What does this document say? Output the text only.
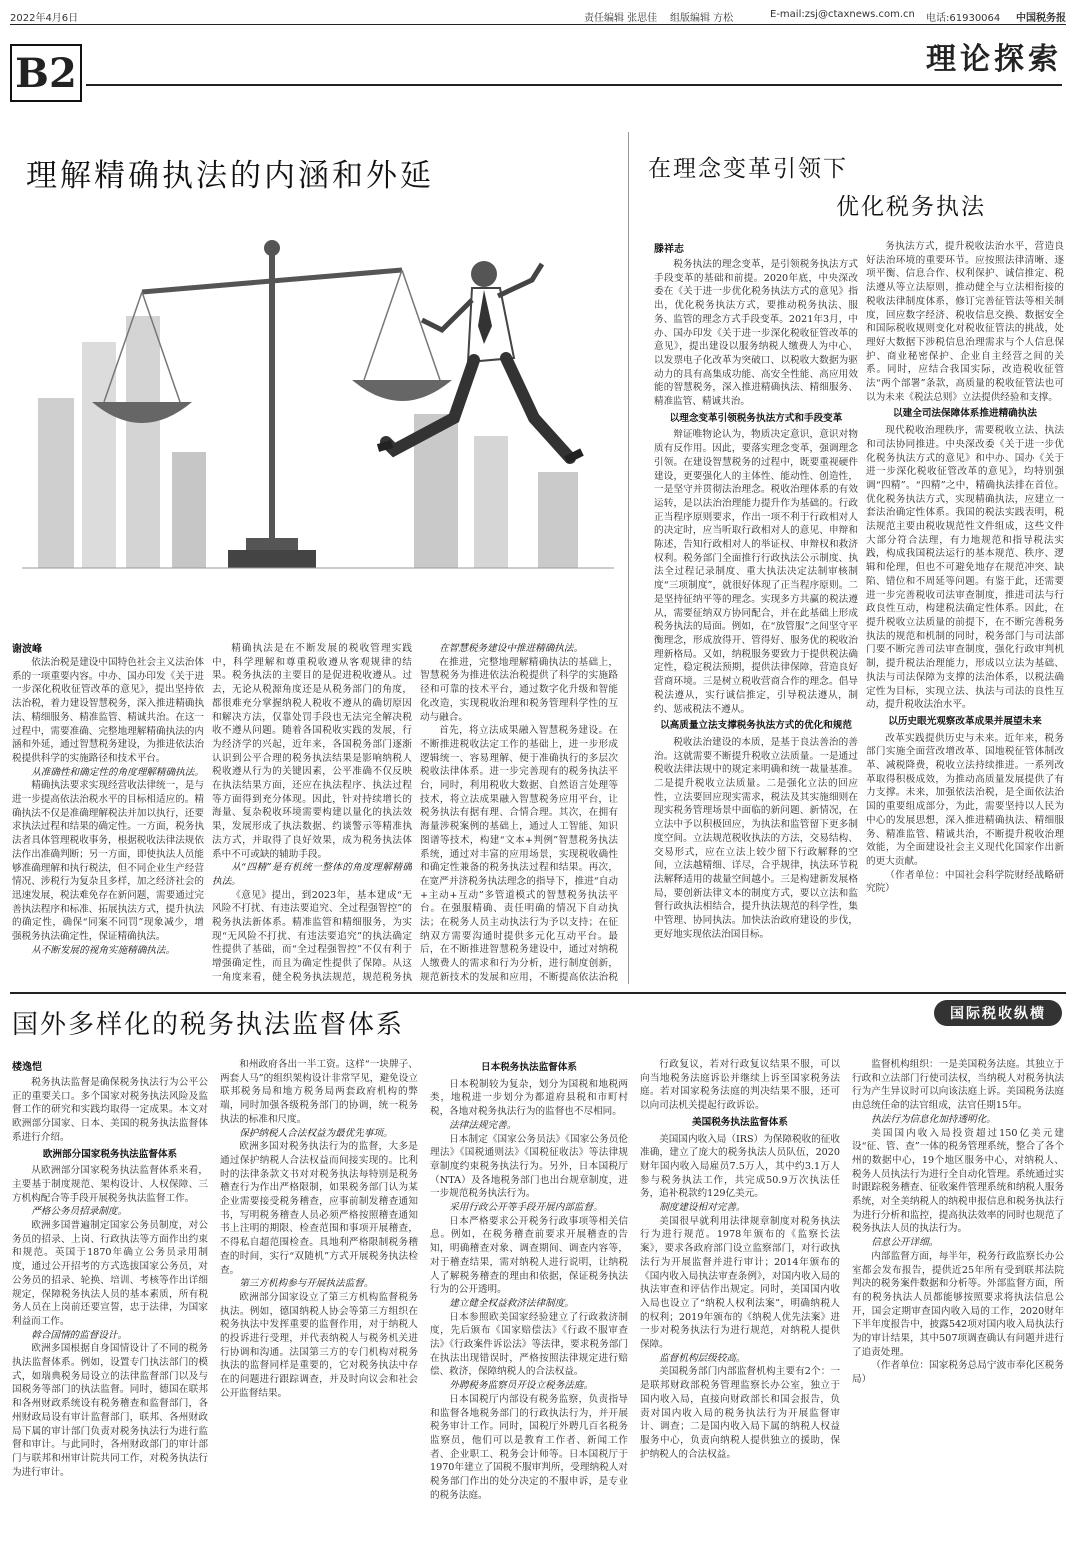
2022年4月6日	责任编辑 张思佳 组版编辑 方松	E-mail:zsj@ctaxnews.com.cn 电话:61930064 中国税务报
B2	理论探索
理解精确执法的内涵和外延
谢波峰

依法治税是建设中国特色社会主义法治体系的一项重要内容。中办、国办印发《关于进一步深化税收征管改革的意见》，提出坚持依法治税，着力建设智慧税务，深入推进精确执法、精细服务、精准监管、精诚共治。在这一过程中，需要准确、完整地理解精确执法的内涵和外延，通过智慧税务建设，为推进依法治税提供科学的实施路径和技术平台。

从准确性和确定性的角度理解精确执法。

精确执法要求实现经营收法律统一，是与进一步提高依法治税水平的目标相适应的。精确执法不仅是准确理解税法并加以执行，还要求执法过程和结果的确定性。一方面，税务执法者具体管理税收事务，根据税收法律法规依法作出准确判断；另一方面，即使执法人员能够准确理解和执行税法，但不同企业生产经营情况、涉税行为复杂且多样，加之经济社会的迅速发展，税法难免存在新问题，需要通过完善执法程序和标准、拓展执法方式，提升执法的确定性，确保“同案不同罚”现象减少，增强税务执法确定性，保证精确执法。

从不断发展的视角实施精确执法。

精确执法是在不断发展的税收管理实践中，科学理解和尊重税收遵从客观规律的结果。税务执法的主要目的是促进税收遵从。过去，无论从税源角度还是从税务部门的角度，都很难充分掌握纳税人税收不遵从的确切原因和解决方法，仅靠处罚手段也无法完全解决税收不遵从问题。随着各国税收实践的发展，行为经济学的兴起，近年来，各国税务部门逐渐认识到公平合理的税务执法结果是影响纳税人税收遵从行为的关键因素，公平准确不仅反映在执法结果方面，还应在执法程序、执法过程等方面得到充分体现。因此，针对持续增长的海量、复杂税收环境需要构建以量化的执法效果，发展形成了执法数据、约谈警示等精准执法方式，并取得了良好效果，成为税务执法体系中不可或缺的辅助手段。

从“四精”是有机统一整体的角度理解精确执法。

《意见》提出，到2023年，基本建成“无风险不打扰、有违法要追究、全过程强智控”的税务执法新体系。精准监管和精细服务，为实现“无风险不打扰、有违法要追究”的执法确定性提供了基础，而“全过程强智控”不仅有利于增强确定性，而且为确定性提供了保障。从这一角度来看，健全税务执法规范，规范税务执

在智慧税务建设中推进精确执法。

在推进，完整地理解精确执法的基础上，智慧税务为推进依法治税提供了科学的实施路径和可靠的技术平台，通过数字化升级和智能化改造，实现税收治理和税务管理科学性的互动与融合。

首先，将立法成果融入智慧税务建设。在不断推进税收法定工作的基础上，进一步形成逻辑统一、容易理解、便于准确执行的多层次税收法律体系。进一步完善现有的税务执法平台，同时，利用税收大数据、自然语言处理等技术，将立法成果融入智慧税务应用平台，让税务执法有据有理、合情合理。其次，在拥有海量涉税案例的基础上，通过人工智能、知识图谱等技术，构建“文本+判例”智慧税务执法系统，通过对丰富的应用场景，实现税收确性和确定性兼备的税务执法过程和结果。再次，在宽严并济税务执法理念的指导下，推进“自动+主动+互动”多管道模式的智慧税务执法平台。在强服精确、责任明确的情况下自动执法；在税务人员主动执法行为予以支持；在征纳双方需要沟通时提供多元化互动平台。最后，在不断推进智慧税务建设中，通过对纳税人缴费人的需求和行为分析，进行制度创新，规范新技术的发展和应用，不断提高依法治税

在理念变革引领下
优化税务执法
滕祥志

税务执法的理念变革，是引领税务执法方式手段变革的基础和前提。2020年底，中央深改委在《关于进一步优化税务执法方式的意见》指出，优化税务执法方式，要推动税务执法、服务、监管的理念方式手段变革。2021年3月，中办、国办印发《关于进一步深化税收征管改革的意见》，提出建设以服务纳税人缴费人为中心、以发票电子化改革为突破口、以税收大数据为驱动力的具有高集成功能、高安全性能、高应用效能的智慧税务，深入推进精确执法、精细服务、精准监管、精诚共治。

以理念变革引领税务执法方式和手段变革

辩证唯物论认为，物质决定意识，意识对物质有反作用。因此，要落实理念变革，强调理念引领。在建设智慧税务的过程中，既要重视硬件建设，更要强化人的主体性、能动性、创造性，一是坚守并贯彻法治理念。税收治理体系的有效运转，是以法治治理能力提升作为基础的。行政正当程序原则要求，作出一项不利于行政相对人的决定时，应当听取行政相对人的意见、申辩和陈述，告知行政相对人的举证权、申辩权和救济权利。税务部门全面推行行政执法公示制度、执法全过程记录制度、重大执法决定法制审核制度“三项制度”，就很好体现了正当程序原则。二是坚持征纳平等的理念。实现多方共赢的税法遵从，需要征纳双方协同配合，并在此基础上形成税务执法的局面。例如，在“放管服”之间坚守平衡理念，形成放得开、管得好、服务优的税收治理新格局。又如，纳税服务要致力于提供税法确定性，稳定税法预期，提供法律保障，营造良好营商环境。三是树立税收营商合作的理念。倡导税法遵从，实行诚信推定，引导税法遵从，制约、惩戒税法不遵从。

以高质量立法支撑税务执法方式的优化和规范

税收法治建设的本质，是基于良法善治的善治。这就需要不断提升税收立法质量。一是通过税收法律法规中的规定来明确和统一裁量基准。二是提升税收立法质量。二是强化立法的回应性，立法要回应现实需求，税法及其实施细则在现实税务管理场景中面临的新问题、新情况，在立法中予以积极回应，为执法和监管留下更多制度空间。立法规范税收执法的方法，交易结构、交易形式，应在立法上较少留下行政解释的空间，立法越精细、详尽，合乎规律，执法环节税法解释适用的裁量空间越小。三是构建新发展格局，要创新法律文本的制度方式，要以立法和监督行政执法相结合，提升执法规范的科学性，集中管理、协同执法。加快法治政府建设的步伐，更好地实现依法治国目标。

务执法方式，提升税收法治水平，营造良好法治环境的重要环节。应按照法律清晰、逐项平衡、信息合作、权利保护、诚信推定、税法遵从等立法原则，推动健全与立法相衔接的税收法律制度体系，修订完善征管法等相关制度，回应数字经济、税收信息交换、数据安全和国际税收规则变化对税收征管法的挑战，处理好大数据下涉税信息治理需求与个人信息保护、商业秘密保护、企业自主经营之间的关系。同时，应结合我国实际，改造税收征管法“两个部署”条款，高质量的税收征管法也可以为未来《税法总则》立法提供经验和支撑。

以建全司法保障体系推进精确执法

现代税收治理秩序，需要税收立法、执法和司法协同推进。中央深改委《关于进一步优化税务执法方式的意见》和中办、国办《关于进一步深化税收征管改革的意见》，均特别强调“四精”。“四精”之中，精确执法排在首位。优化税务执法方式，实现精确执法，应建立一套法治确定性体系。我国的税法实践表明，税法规范主要由税收规范性文件组成，这些文件大部分符合法理，有力地规范和指导税法实践，构成我国税法运行的基本规范、秩序、逻辑和伦理，但也不可避免地存在规范冲突、缺陷、错位和不周延等问题。有鉴于此，还需要进一步完善税收司法审查制度，推进司法与行政良性互动，构建税法确定性体系。因此，在提升税收立法质量的前提下，在不断完善税务执法的规范和机制的同时，税务部门与司法部门要不断完善司法审查制度，强化行政审判机制，提升税法治理能力，形成以立法为基础、执法与司法保障为支撑的法治体系，以税法确定性为目标，实现立法、执法与司法的良性互动，提升税收法治水平。

以历史眼光观察改革成果并展望未来

改革实践提供历史与未来。近年来，税务部门实施全面营改增改革、国地税征管体制改革、减税降费，税收立法持续推进。一系列改革取得积极成效，为推动高质量发展提供了有力支撑。未来，加强依法治税，是全面依法治国的重要组成部分，为此，需要坚持以人民为中心的发展思想，深入推进精确执法、精细服务、精准监管、精诚共治，不断提升税收治理效能，为全面建设社会主义现代化国家作出新的更大贡献。

（作者单位：中国社会科学院财经战略研究院）

国外多样化的税务执法监督体系	国际税收纵横
楼逸恺

税务执法监督是确保税务执法行为公平公正的重要关口。多个国家对税务执法风险及监督工作的研究和实践均取得一定成果。本文对欧洲部分国家、日本、美国的税务执法监督体系进行介绍。

欧洲部分国家税务执法监督体系

从欧洲部分国家税务执法监督体系来看，主要基于制度规范、架构设计、人权保障、三方机构配合等手段开展税务执法监督工作。

严格公务员招录制度。

欧洲多国普遍制定国家公务员制度，对公务员的招录、上岗、行政执法等方面作出约束和规范。英国于1870年确立公务员录用制度，通过公开招考的方式选拔国家公务员，对公务员的招录、轮换、培训、考核等作出详细规定，保障税务执法人员的基本素质，所有税务人员在上岗前还要宣誓，忠于法律，为国家利益而工作。

斡合国情的监督设计。

欧洲多国根据自身国情设计了不同的税务执法监督体系。例如，设置专门执法部门的模式，如瑞典税务局设立的法律监督部门以及与国税务等部门的执法监督。同时，德国在联邦和各州财政系统设有税务稽查和监督部门，各州财政局设有审计监督部门，联邦、各州财政局下属的审计部门负责对税务执法行为进行监督和审计。与此同时，各州财政部门的审计部门与联邦和州审计院共同工作，对税务执法行为进行审计。

和州政府各出一半工资。这样“一块牌子、两套人马”的组织架构设计非常罕见，避免设立联邦税务局和地方税务局两套政府机构的弊端，同时加强各级税务部门的协调，统一税务执法的标准和尺度。

保护纳税人合法权益为最优先事项。

欧洲多国对税务执法行为的监督，大多是通过保护纳税人合法权益而间接实现的。比利时的法律条款文书对对税务执法每特别是税务稽查行为作出严格限制，如果税务部门认为某企业需要接受税务稽查，应事前制发稽查通知书，写明税务稽查人员必须严格按照稽查通知书上注明的期限、检查范围和事项开展稽查，不得私自超范围检查。具地利严格限制税务稽查的时间，实行“双随机”方式开展税务执法检查。

第三方机构参与开展执法监督。

欧洲部分国家设立了第三方机构监督税务执法。例如，德国纳税人协会等第三方组织在税务执法中发挥重要的监督作用，对于纳税人的投诉进行受理，并代表纳税人与税务机关进行协调和沟通。法国第三方的专门机构对税务执法的监督同样是重要的，它对税务执法中存在的问题进行跟踪调查，并及时向议会和社会公开监督结果。

日本税务执法监督体系

日本税制较为复杂，划分为国税和地税两类，地税进一步划分为都道府县税和市町村税，各地对税务执法行为的监督也不尽相同。

法律法规完善。

日本制定《国家公务员法》《国家公务员伦理法》《国税通则法》《国税征收法》等法律规章制度约束税务执法行为。另外，日本国税厅（NTA）及各地税务部门也出台规章制度，进一步规范税务执法行为。

采用行政公开等手段开展内部监督。

日本严格要求公开税务行政事项等相关信息。例如，在税务稽查前要求开展稽查的告知，明确稽查对象、调查期间、调查内容等，对于稽查结果，需对纳税人进行说明，让纳税人了解税务稽查的理由和依据，保证税务执法行为的公开透明。

建立健全权益救济法律制度。

日本参照欧美国家经验建立了行政救济制度，先后颁布《国家赔偿法》《行政不服审查法》《行政案件诉讼法》等法律，要求税务部门在执法出现错误时，严格按照法律规定进行赔偿、救济，保障纳税人的合法权益。

外聘税务监察员开设立税务法庭。

日本国税厅内部设有税务监察，负责指导和监督各地税务部门的行政执法行为，并开展税务审计工作。同时，国税厅外聘几百名税务监察员，他们可以是教育工作者、新闻工作者、企业职工、税务会计师等。日本国税厅于1970年建立了国税不服审判所，受理纳税人对税务部门作出的处分决定的不服申诉，是专业的税务法庭。

行政复议，若对行政复议结果不服，可以向当地税务法庭诉讼并继续上诉至国家税务法庭。若对国家税务法庭的判决结果不服，还可以向司法机关提起行政诉讼。

美国税务执法监督体系

美国国内收入局（IRS）为保障税收的征收准确，建立了庞大的税务执法人员队伍，2020财年国内收入局雇员7.5万人，其中约3.1万人参与税务执法工作，共完成50.9万次执法任务，追补税款约129亿美元。

制度建设相对完善。

美国很早就利用法律规章制度对税务执法行为进行规范。1978年颁布的《监察长法案》，要求各政府部门设立监察部门，对行政执法行为开展监督并进行审计；2014年颁布的《国内收入局执法审查条例》，对国内收入局的执法审查和评估作出规定。同时，美国国内收入局也设立了“纳税人权利法案”，明确纳税人的权利；2019年颁布的《纳税人优先法案》进一步对税务执法行为进行规范，对纳税人提供保障。

监督机构层级较高。

美国税务部门内部监督机构主要有2个：一是联邦财政部税务管理监察长办公室，独立于国内收入局，直接向财政部长和国会报告，负责对国内收入局的税务执法行为开展监督审计、调查；二是国内收入局下属的纳税人权益服务中心，负责向纳税人提供独立的援助，保护纳税人的合法权益。

监督机构组织：一是美国税务法庭。其独立于行政和立法部门行使司法权，当纳税人对税务执法行为产生异议时可以向该法庭上诉。美国税务法庭由总统任命的法官组成，法官任期15年。

执法行为信息化加持透明化。

美国国内收入局投资超过150亿美元建设“征、管、查”一体的税务管理系统，整合了各个州的数据中心，19个地区服务中心，对纳税人、税务人员执法行为进行全自动化管理。系统通过实时跟踪税务稽查、征收案件管理系统和纳税人服务系统，对全美纳税人的纳税申报信息和税务执法行为进行分析和监控，提高执法效率的同时也规范了税务执法人员的执法行为。

信息公开详细。

内部监督方面，每半年，税务行政监察长办公室都会发布报告，提供近25年所有受到联邦法院判决的税务案件数据和分析等。外部监督方面，所有的税务执法人员都能够按照要求将执法信息公开，国会定期审查国内收入局的工作，2020财年下半年度报告中，披露542项对国内收入局执法行为的审计结果，其中507项调查确认有问题并进行了追责处理。

（作者单位：国家税务总局宁波市奉化区税务局）
